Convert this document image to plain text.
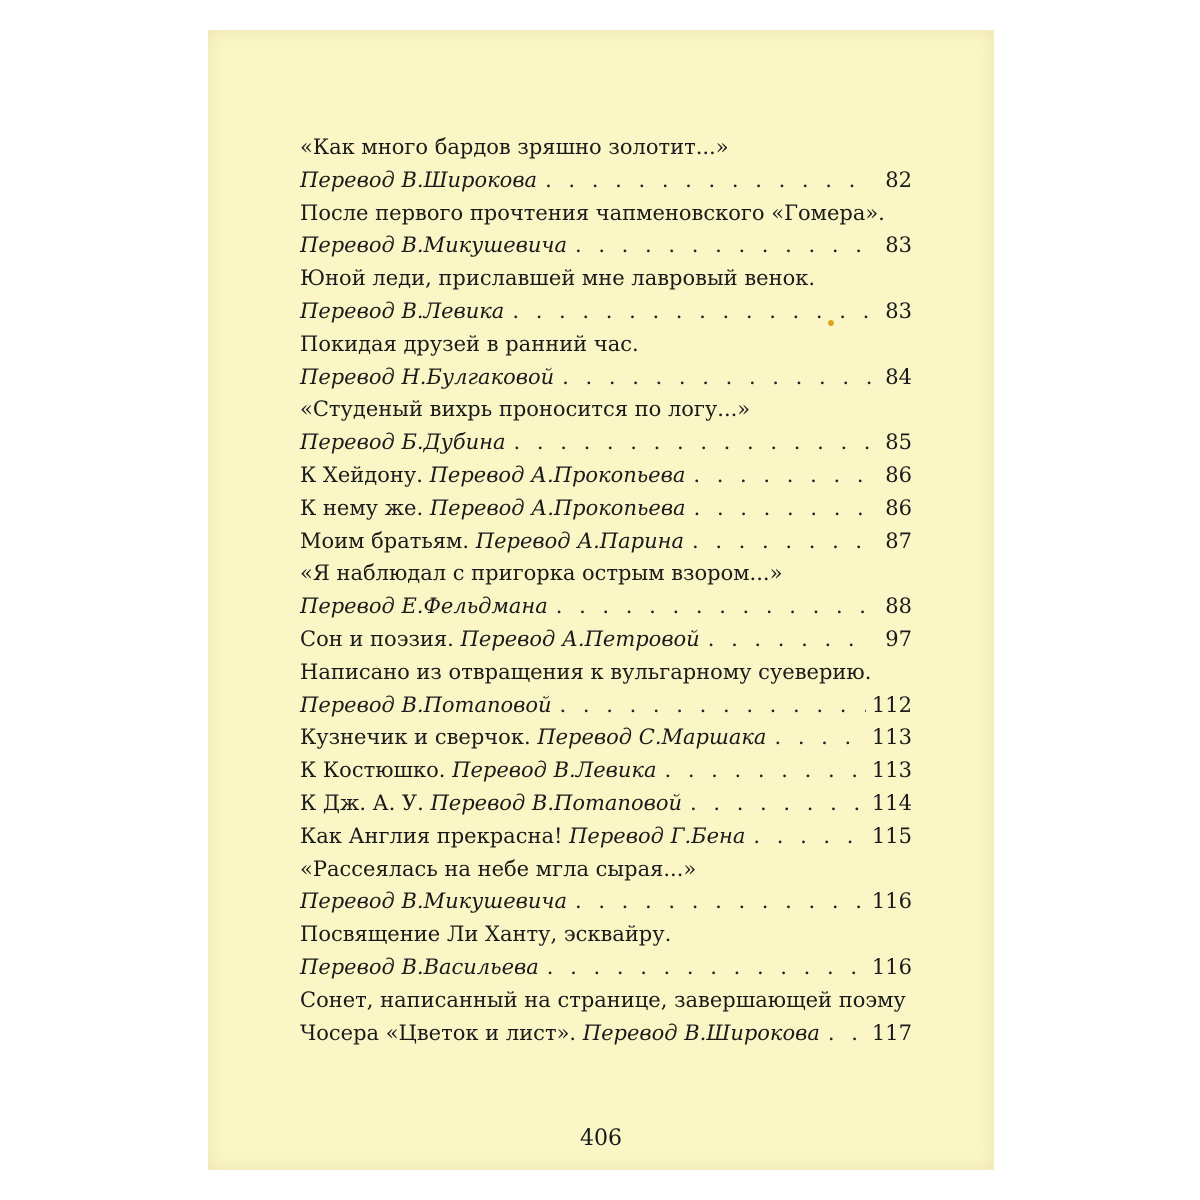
«Как много бардов зряшно золотит...»
Перевод В.Широкова . . .	82
После первого прочтения чапменовского «Гомера».
Перевод В.Микушевича . . .	83
Юной леди, приславшей мне лавровый венок.
Перевод В.Левика . . .	83
Покидая друзей в ранний час.
Перевод Н.Булгаковой . . .	84
«Студеный вихрь проносится по логу...»
Перевод Б.Дубина . . .	85
К Хейдону. Перевод А.Прокопьева . . .	86
К нему же. Перевод А.Прокопьева . . .	86
Моим братьям. Перевод А.Парина . . .	87
«Я наблюдал с пригорка острым взором...»
Перевод Е.Фельдмана . . .	88
Сон и поэзия. Перевод А.Петровой . . .	97
Написано из отвращения к вульгарному суеверию.
Перевод В.Потаповой . . .	112
Кузнечик и сверчок. Перевод С.Маршака . . .	113
К Костюшко. Перевод В.Левика . . .	113
К Дж. А. У. Перевод В.Потаповой . . .	114
Как Англия прекрасна! Перевод Г.Бена . . .	115
«Рассеялась на небе мгла сырая...»
Перевод В.Микушевича . . .	116
Посвящение Ли Ханту, эсквайру.
Перевод В.Васильева . . .	116
Сонет, написанный на странице, завершающей поэму
Чосера «Цветок и лист». Перевод В.Широкова . . . 117
406
